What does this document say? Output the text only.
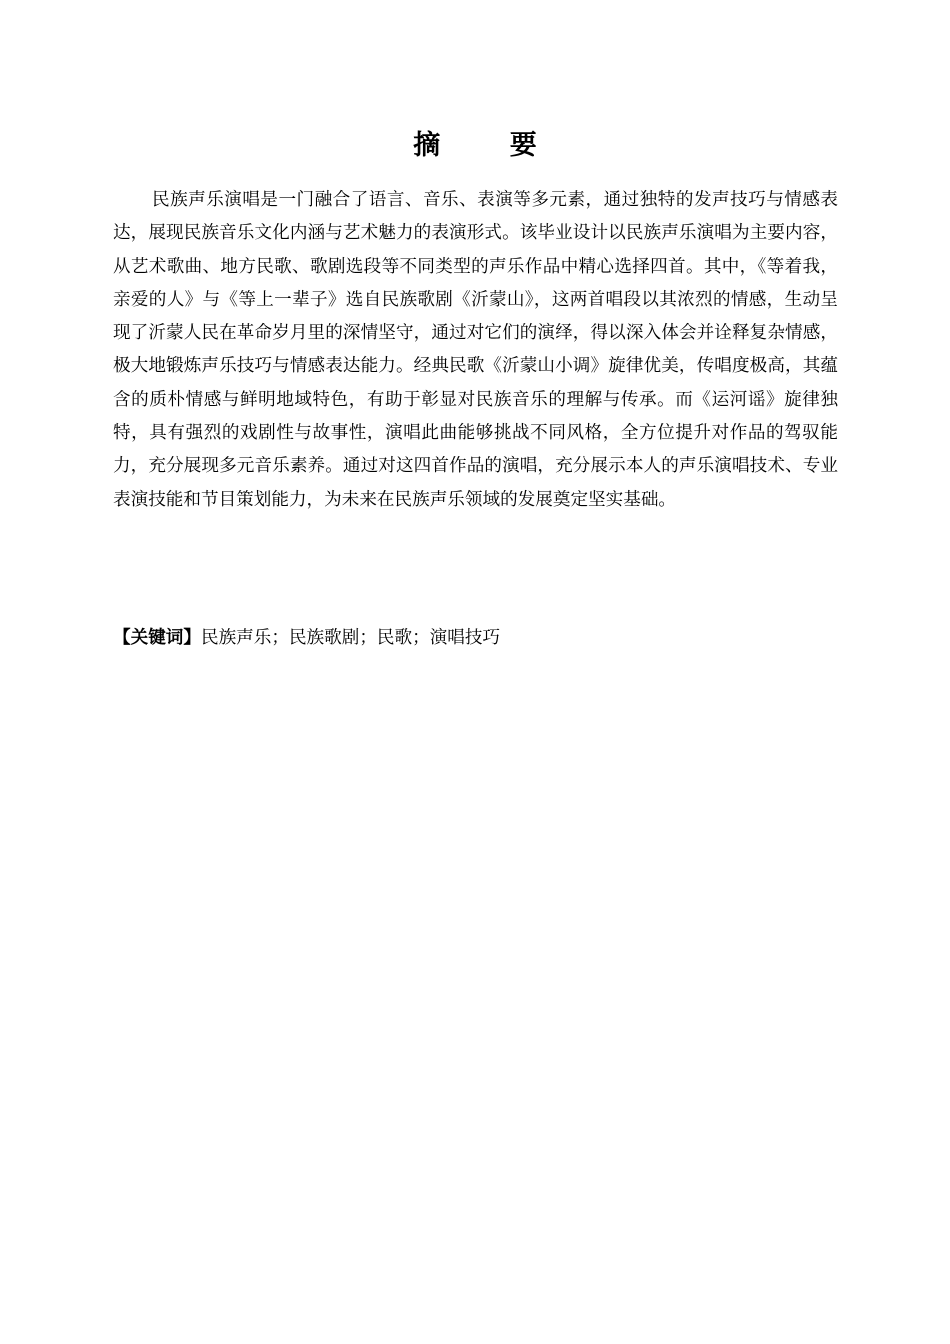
摘 要

民族声乐演唱是一门融合了语言、音乐、表演等多元素，通过独特的发声技巧与情感表达，展现民族音乐文化内涵与艺术魅力的表演形式。该毕业设计以民族声乐演唱为主要内容，从艺术歌曲、地方民歌、歌剧选段等不同类型的声乐作品中精心选择四首。其中，《等着我，亲爱的人》与《等上一辈子》选自民族歌剧《沂蒙山》，这两首唱段以其浓烈的情感，生动呈现了沂蒙人民在革命岁月里的深情坚守，通过对它们的演绎，得以深入体会并诠释复杂情感，极大地锻炼声乐技巧与情感表达能力。经典民歌《沂蒙山小调》旋律优美，传唱度极高，其蕴含的质朴情感与鲜明地域特色，有助于彰显对民族音乐的理解与传承。而《运河谣》旋律独特，具有强烈的戏剧性与故事性，演唱此曲能够挑战不同风格，全方位提升对作品的驾驭能力，充分展现多元音乐素养。通过对这四首作品的演唱，充分展示本人的声乐演唱技术、专业表演技能和节目策划能力，为未来在民族声乐领域的发展奠定坚实基础。

【关键词】民族声乐；民族歌剧；民歌；演唱技巧
